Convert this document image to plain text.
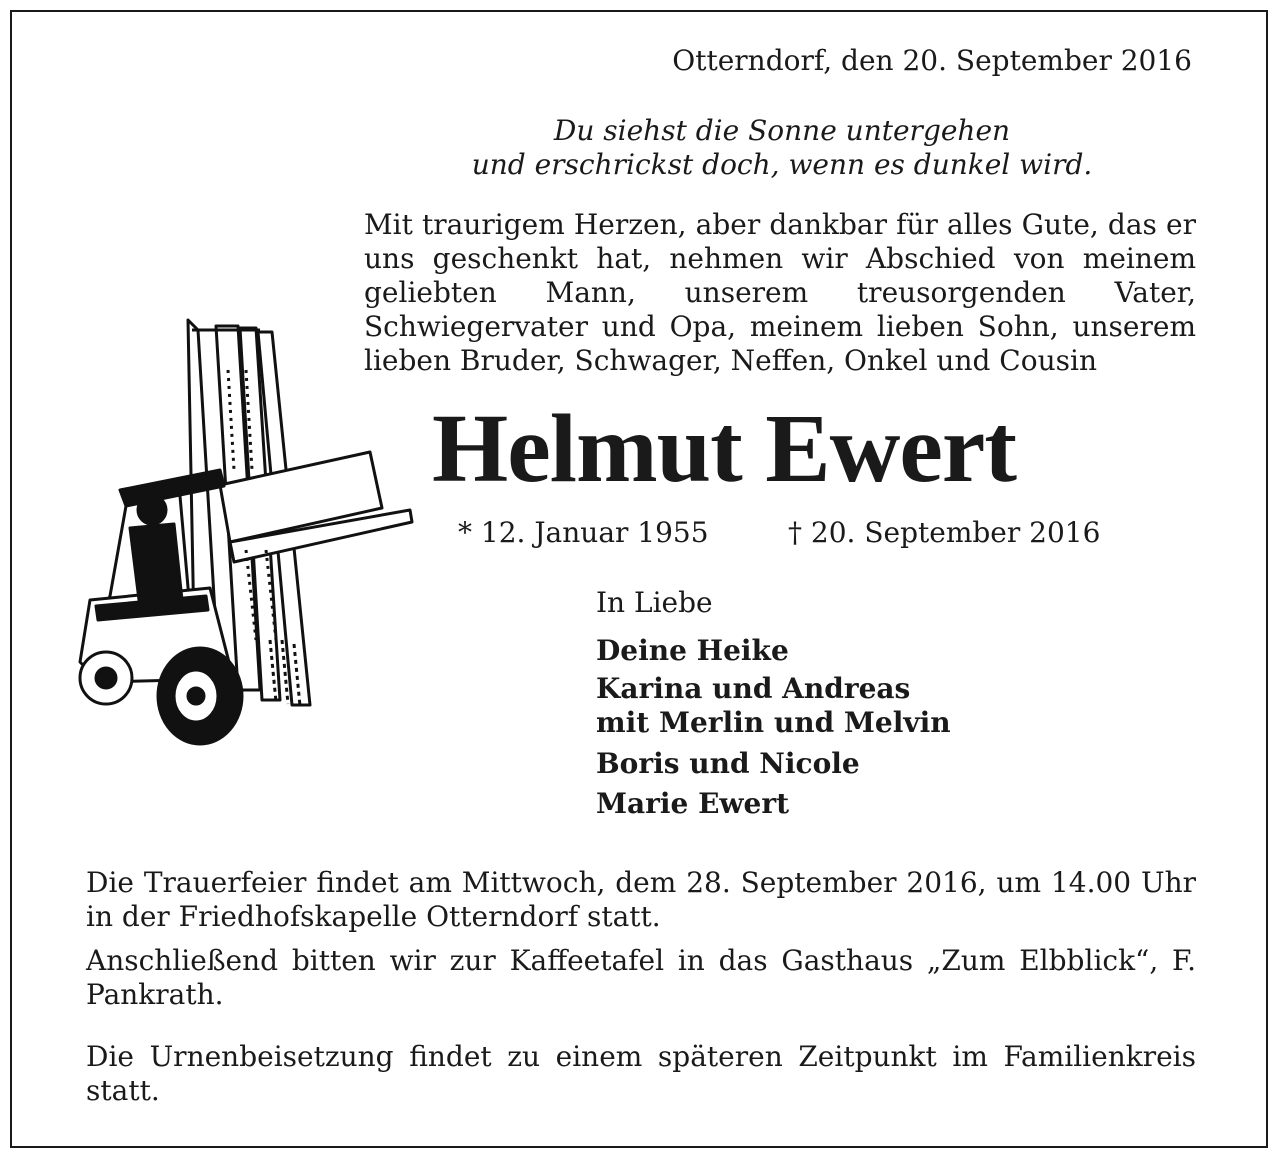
Otterndorf, den 20. September 2016

Du siehst die Sonne untergehen
und erschrickst doch, wenn es dunkel wird.

Mit traurigem Herzen, aber dankbar für alles Gute, das er uns geschenkt hat, nehmen wir Abschied von meinem geliebten Mann, unserem treusorgenden Vater, Schwiegervater und Opa, meinem lieben Sohn, unserem lieben Bruder, Schwager, Neffen, Onkel und Cousin

Helmut Ewert

* 12. Januar 1955	† 20. September 2016

In Liebe

Deine Heike

Karina und Andreas

mit Merlin und Melvin

Boris und Nicole

Marie Ewert

Die Trauerfeier findet am Mittwoch, dem 28. September 2016, um 14.00 Uhr in der Friedhofskapelle Otterndorf statt.

Anschließend bitten wir zur Kaffeetafel in das Gasthaus „Zum Elbblick“, F. Pankrath.

Die Urnenbeisetzung findet zu einem späteren Zeitpunkt im Familienkreis statt.
